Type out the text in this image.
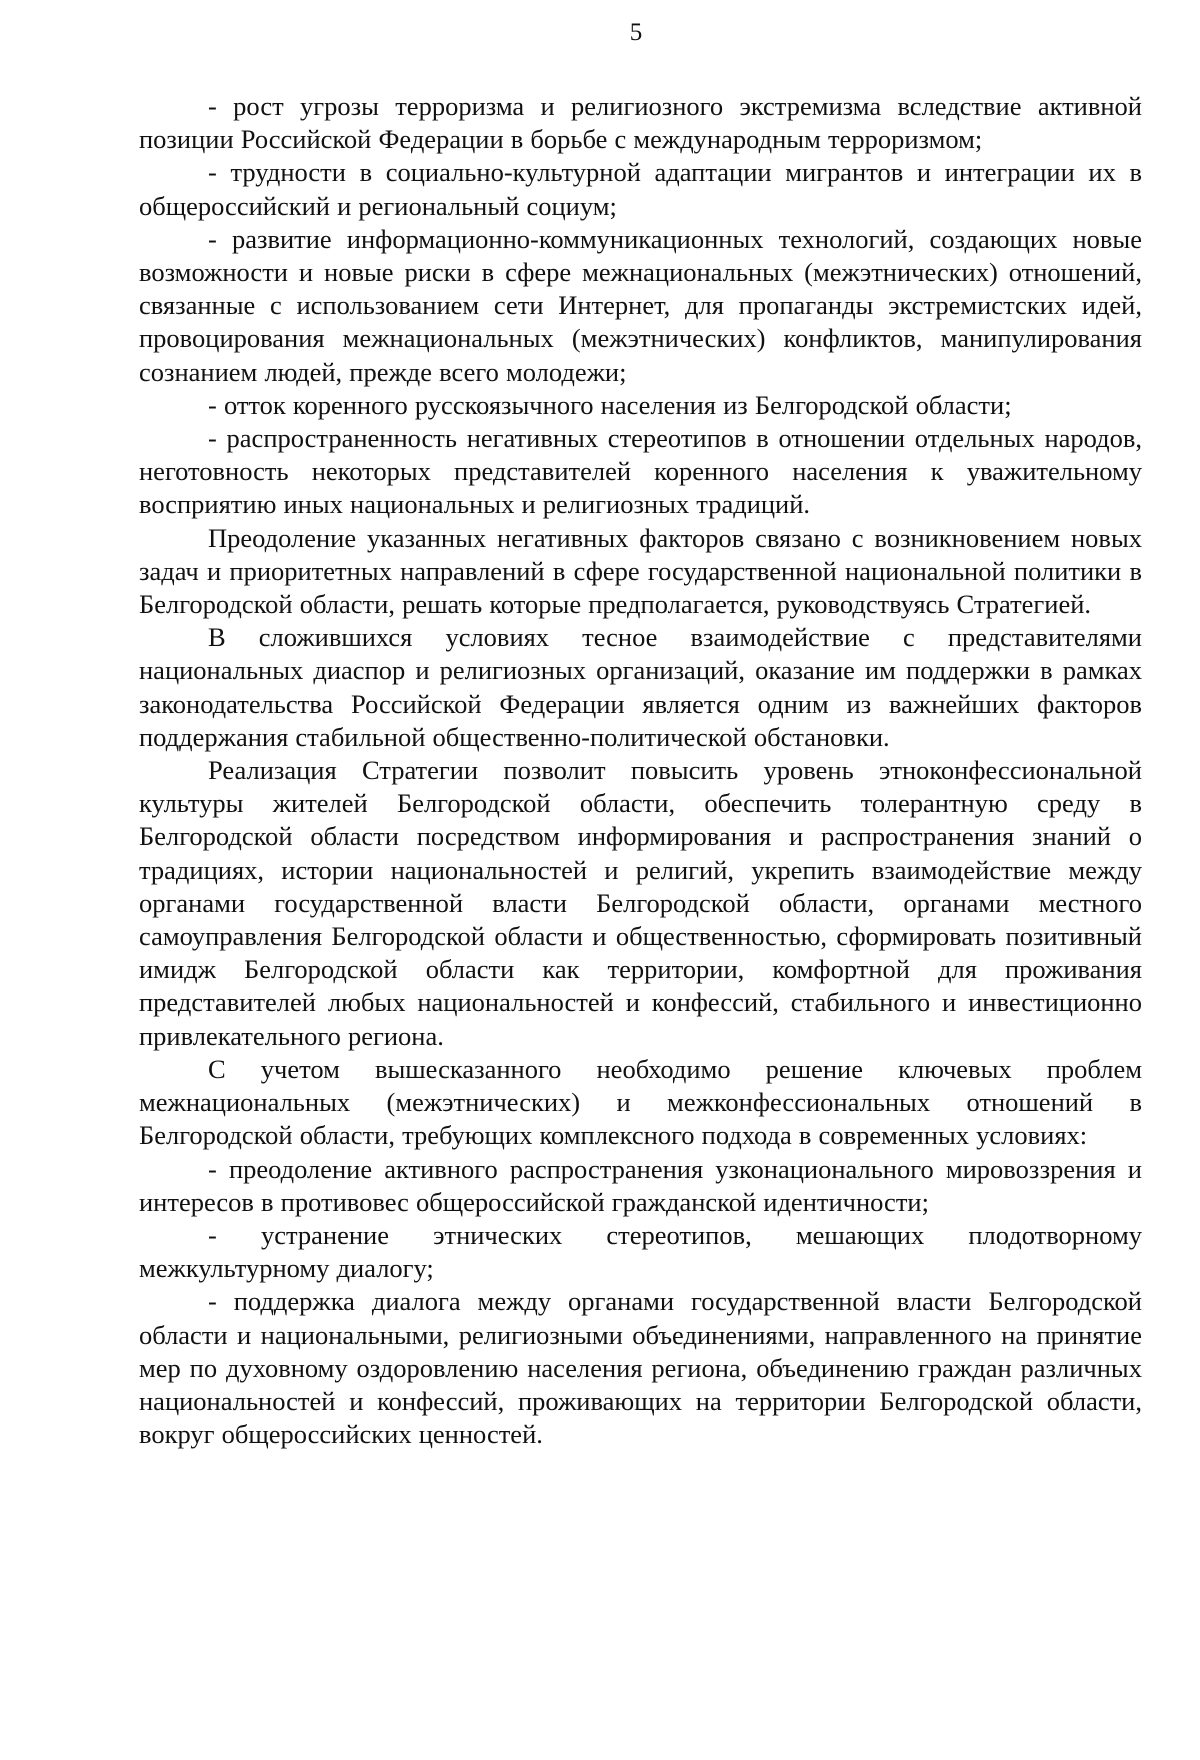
5

- рост угрозы терроризма и религиозного экстремизма вследствие активной позиции Российской Федерации в борьбе с международным терроризмом;

- трудности в социально-культурной адаптации мигрантов и интеграции их в общероссийский и региональный социум;

- развитие информационно-коммуникационных технологий, создающих новые возможности и новые риски в сфере межнациональных (межэтнических) отношений, связанные с использованием сети Интернет, для пропаганды экстремистских идей, провоцирования межнациональных (межэтнических) конфликтов, манипулирования сознанием людей, прежде всего молодежи;

- отток коренного русскоязычного населения из Белгородской области;

- распространенность негативных стереотипов в отношении отдельных народов, неготовность некоторых представителей коренного населения к уважительному восприятию иных национальных и религиозных традиций.

Преодоление указанных негативных факторов связано с возникновением новых задач и приоритетных направлений в сфере государственной национальной политики в Белгородской области, решать которые предполагается, руководствуясь Стратегией.

В сложившихся условиях тесное взаимодействие с представителями национальных диаспор и религиозных организаций, оказание им поддержки в рамках законодательства Российской Федерации является одним из важнейших факторов поддержания стабильной общественно-политической обстановки.

Реализация Стратегии позволит повысить уровень этноконфессиональной культуры жителей Белгородской области, обеспечить толерантную среду в Белгородской области посредством информирования и распространения знаний о традициях, истории национальностей и религий, укрепить взаимодействие между органами государственной власти Белгородской области, органами местного самоуправления Белгородской области и общественностью, сформировать позитивный имидж Белгородской области как территории, комфортной для проживания представителей любых национальностей и конфессий, стабильного и инвестиционно привлекательного региона.

С учетом вышесказанного необходимо решение ключевых проблем межнациональных (межэтнических) и межконфессиональных отношений в Белгородской области, требующих комплексного подхода в современных условиях:

- преодоление активного распространения узконационального мировоззрения и интересов в противовес общероссийской гражданской идентичности;

- устранение этнических стереотипов, мешающих плодотворному межкультурному диалогу;

- поддержка диалога между органами государственной власти Белгородской области и национальными, религиозными объединениями, направленного на принятие мер по духовному оздоровлению населения региона, объединению граждан различных национальностей и конфессий, проживающих на территории Белгородской области, вокруг общероссийских ценностей.
